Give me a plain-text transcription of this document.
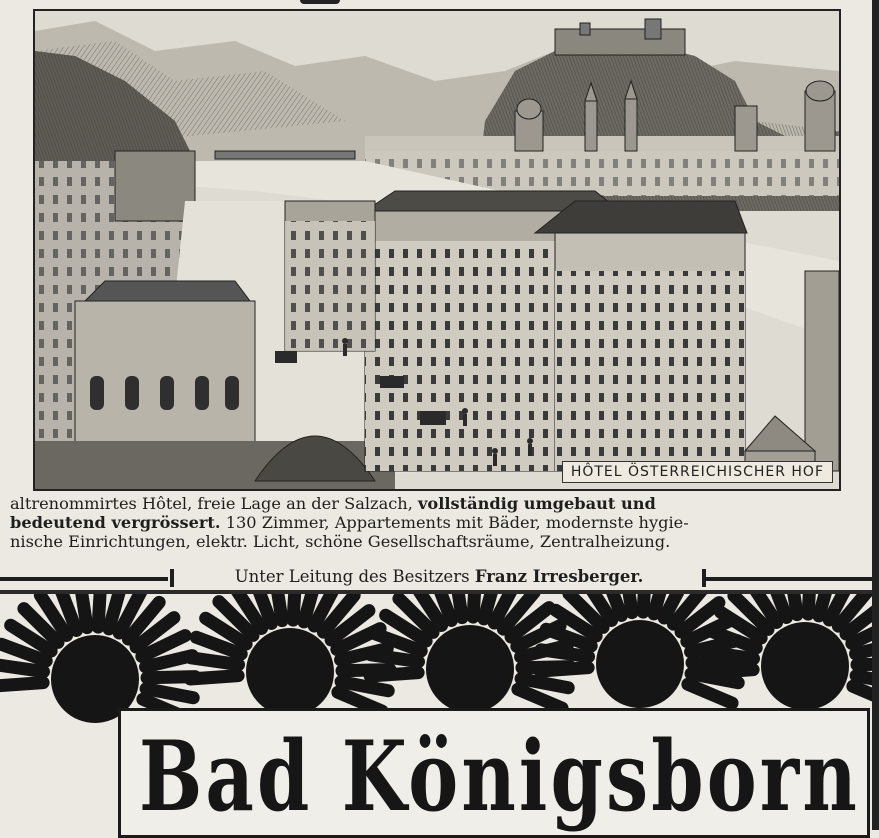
HÔTEL ÖSTERREICHISCHER HOF
altrenommirtes Hôtel, freie Lage an der Salzach, vollständig umgebaut und
bedeutend vergrössert. 130 Zimmer, Appartements mit Bäder, modernste hygie-
nische Einrichtungen, elektr. Licht, schöne Gesellschaftsräume, Zentralheizung.
Unter Leitung des Besitzers Franz Irresberger.
Bad Königsborn
